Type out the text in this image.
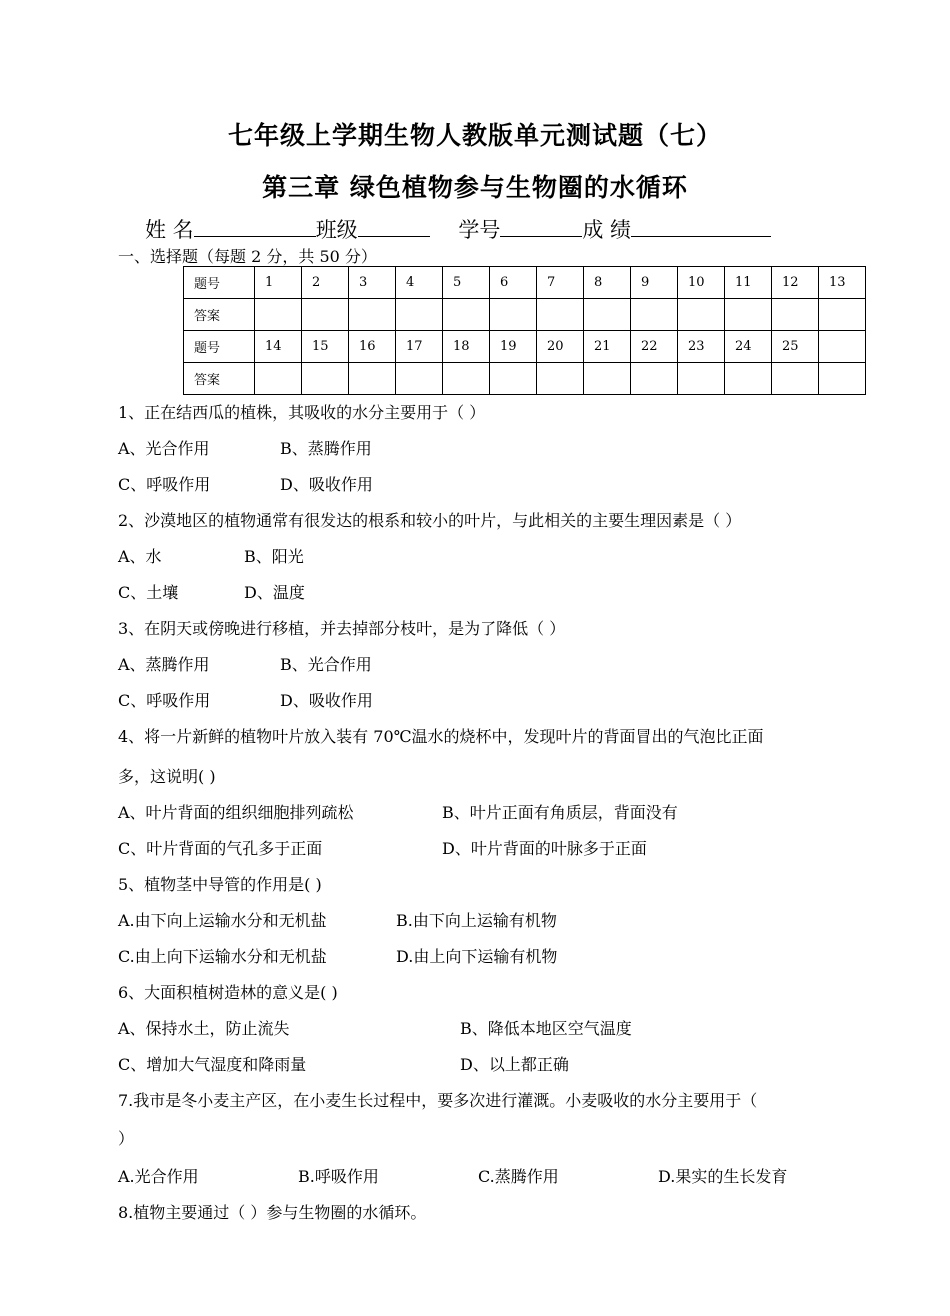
七年级上学期生物人教版单元测试题（七）
第三章 绿色植物参与生物圈的水循环
姓 名	班级	学号	成 绩
一、选择题（每题 2 分，共 50 分）
题号	1	2	3	4	5	6	7	8	9	10	11	12	13
答案													
题号	14	15	16	17	18	19	20	21	22	23	24	25	
答案													
1、正在结西瓜的植株，其吸收的水分主要用于（ ）
A、光合作用	B、蒸腾作用
C、呼吸作用	D、吸收作用
2、沙漠地区的植物通常有很发达的根系和较小的叶片，与此相关的主要生理因素是（ ）
A、水	B、阳光
C、土壤	D、温度
3、在阴天或傍晚进行移植，并去掉部分枝叶，是为了降低（ ）
A、蒸腾作用	B、光合作用
C、呼吸作用	D、吸收作用
4、将一片新鲜的植物叶片放入装有 70℃温水的烧杯中，发现叶片的背面冒出的气泡比正面
多，这说明( )
A、叶片背面的组织细胞排列疏松	B、叶片正面有角质层，背面没有
C、叶片背面的气孔多于正面	D、叶片背面的叶脉多于正面
5、植物茎中导管的作用是( )
A.由下向上运输水分和无机盐	B.由下向上运输有机物
C.由上向下运输水分和无机盐	D.由上向下运输有机物
6、大面积植树造林的意义是( )
A、保持水土，防止流失	B、降低本地区空气温度
C、增加大气湿度和降雨量	D、以上都正确
7.我市是冬小麦主产区，在小麦生长过程中，要多次进行灌溉。小麦吸收的水分主要用于（
）
A.光合作用	B.呼吸作用	C.蒸腾作用	D.果实的生长发育
8.植物主要通过（ ）参与生物圈的水循环。
